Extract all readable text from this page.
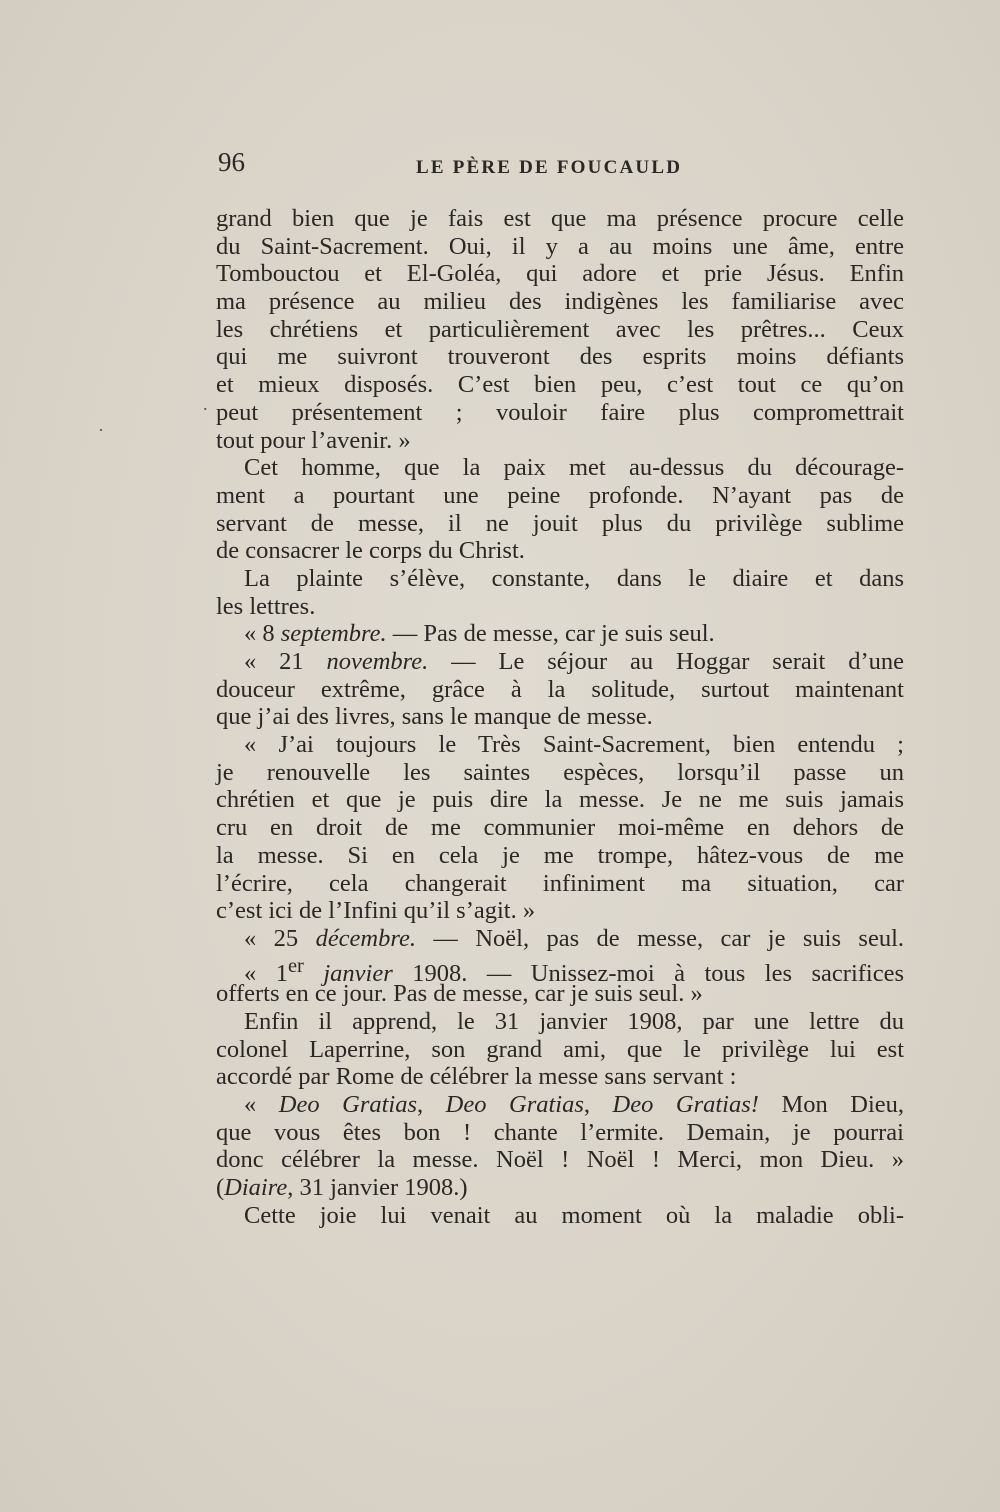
96	LE PÈRE DE FOUCAULD
grand bien que je fais est que ma présence procure celle
du Saint-Sacrement. Oui, il y a au moins une âme, entre
Tombouctou et El-Goléa, qui adore et prie Jésus. Enfin
ma présence au milieu des indigènes les familiarise avec
les chrétiens et particulièrement avec les prêtres... Ceux
qui me suivront trouveront des esprits moins défiants
et mieux disposés. C’est bien peu, c’est tout ce qu’on
peut présentement ; vouloir faire plus compromettrait
tout pour l’avenir. »
Cet homme, que la paix met au-dessus du décourage-
ment a pourtant une peine profonde. N’ayant pas de
servant de messe, il ne jouit plus du privilège sublime
de consacrer le corps du Christ.
La plainte s’élève, constante, dans le diaire et dans
les lettres.
« 8 septembre. — Pas de messe, car je suis seul.
« 21 novembre. — Le séjour au Hoggar serait d’une
douceur extrême, grâce à la solitude, surtout maintenant
que j’ai des livres, sans le manque de messe.
« J’ai toujours le Très Saint-Sacrement, bien entendu ;
je renouvelle les saintes espèces, lorsqu’il passe un
chrétien et que je puis dire la messe. Je ne me suis jamais
cru en droit de me communier moi-même en dehors de
la messe. Si en cela je me trompe, hâtez-vous de me
l’écrire, cela changerait infiniment ma situation, car
c’est ici de l’Infini qu’il s’agit. »
« 25 décembre. — Noël, pas de messe, car je suis seul.
« 1er janvier 1908. — Unissez-moi à tous les sacrifices
offerts en ce jour. Pas de messe, car je suis seul. »
Enfin il apprend, le 31 janvier 1908, par une lettre du
colonel Laperrine, son grand ami, que le privilège lui est
accordé par Rome de célébrer la messe sans servant :
« Deo Gratias, Deo Gratias, Deo Gratias! Mon Dieu,
que vous êtes bon ! chante l’ermite. Demain, je pourrai
donc célébrer la messe. Noël ! Noël ! Merci, mon Dieu. »
(Diaire, 31 janvier 1908.)
Cette joie lui venait au moment où la maladie obli-
.
·
